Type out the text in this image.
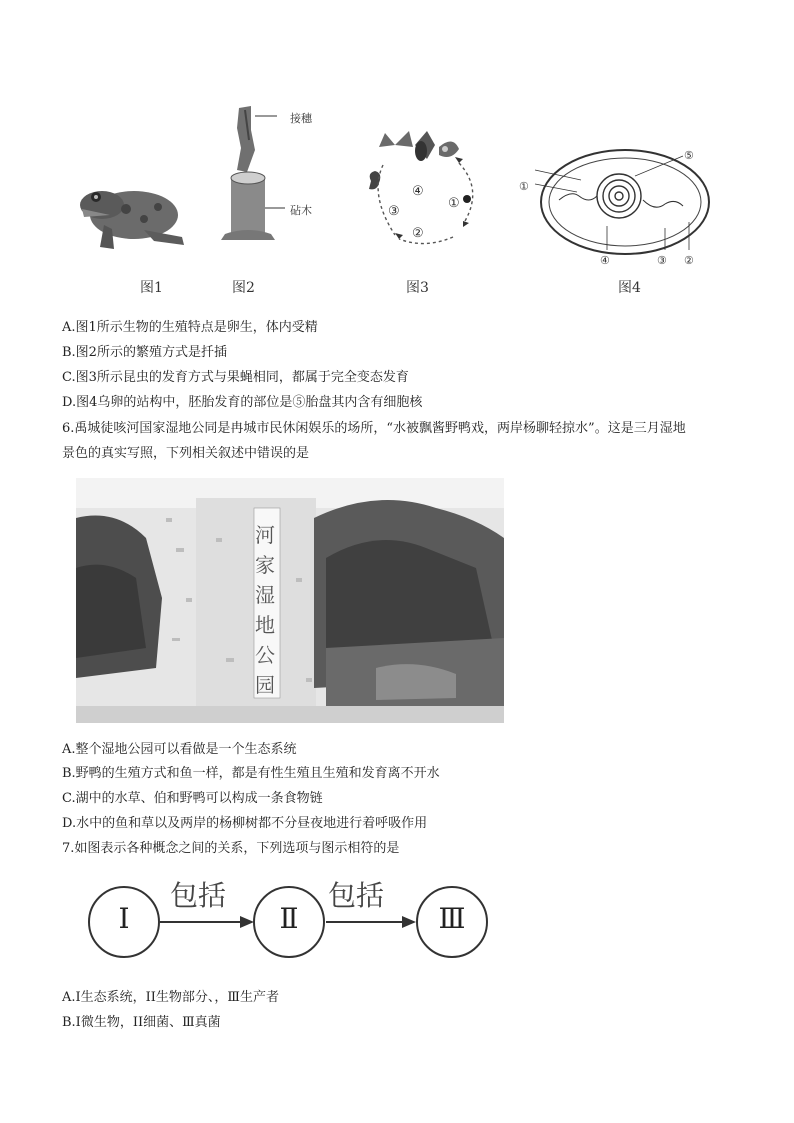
图1
接穗
砧木
图2
④
①
③
②
图3
⑤
③ ②
④
①
图4
A.图1所示生物的生殖特点是卵生，体内受精
B.图2所示的繁殖方式是扦插
C.图3所示昆虫的发育方式与果蝇相同，都属于完全变态发育
D.图4乌卵的站构中，胚胎发育的部位是⑤胎盘其内含有细胞核
6.禹城徒咳河国家湿地公同是冉城市民休闲娱乐的场所，“水被飘酱野鸭戏，两岸杨聊轻掠水”。这是三月湿地
景色的真实写照，下列相关叙述中错误的是
河家湿地公园
A.整个湿地公园可以看做是一个生态系统
B.野鸭的生殖方式和鱼一样，都是有性生殖且生殖和发育离不开水
C.湖中的水草、伯和野鸭可以构成一条食物链
D.水中的鱼和草以及两岸的杨柳树都不分昼夜地进行着呼吸作用
7.如图表示各种概念之间的关系，下列选项与图示相符的是
Ⅰ	Ⅱ	Ⅲ
包括	包括
A.I生态系统，II生物部分、，Ⅲ生产者
B.I微生物，II细菌、Ⅲ真菌
